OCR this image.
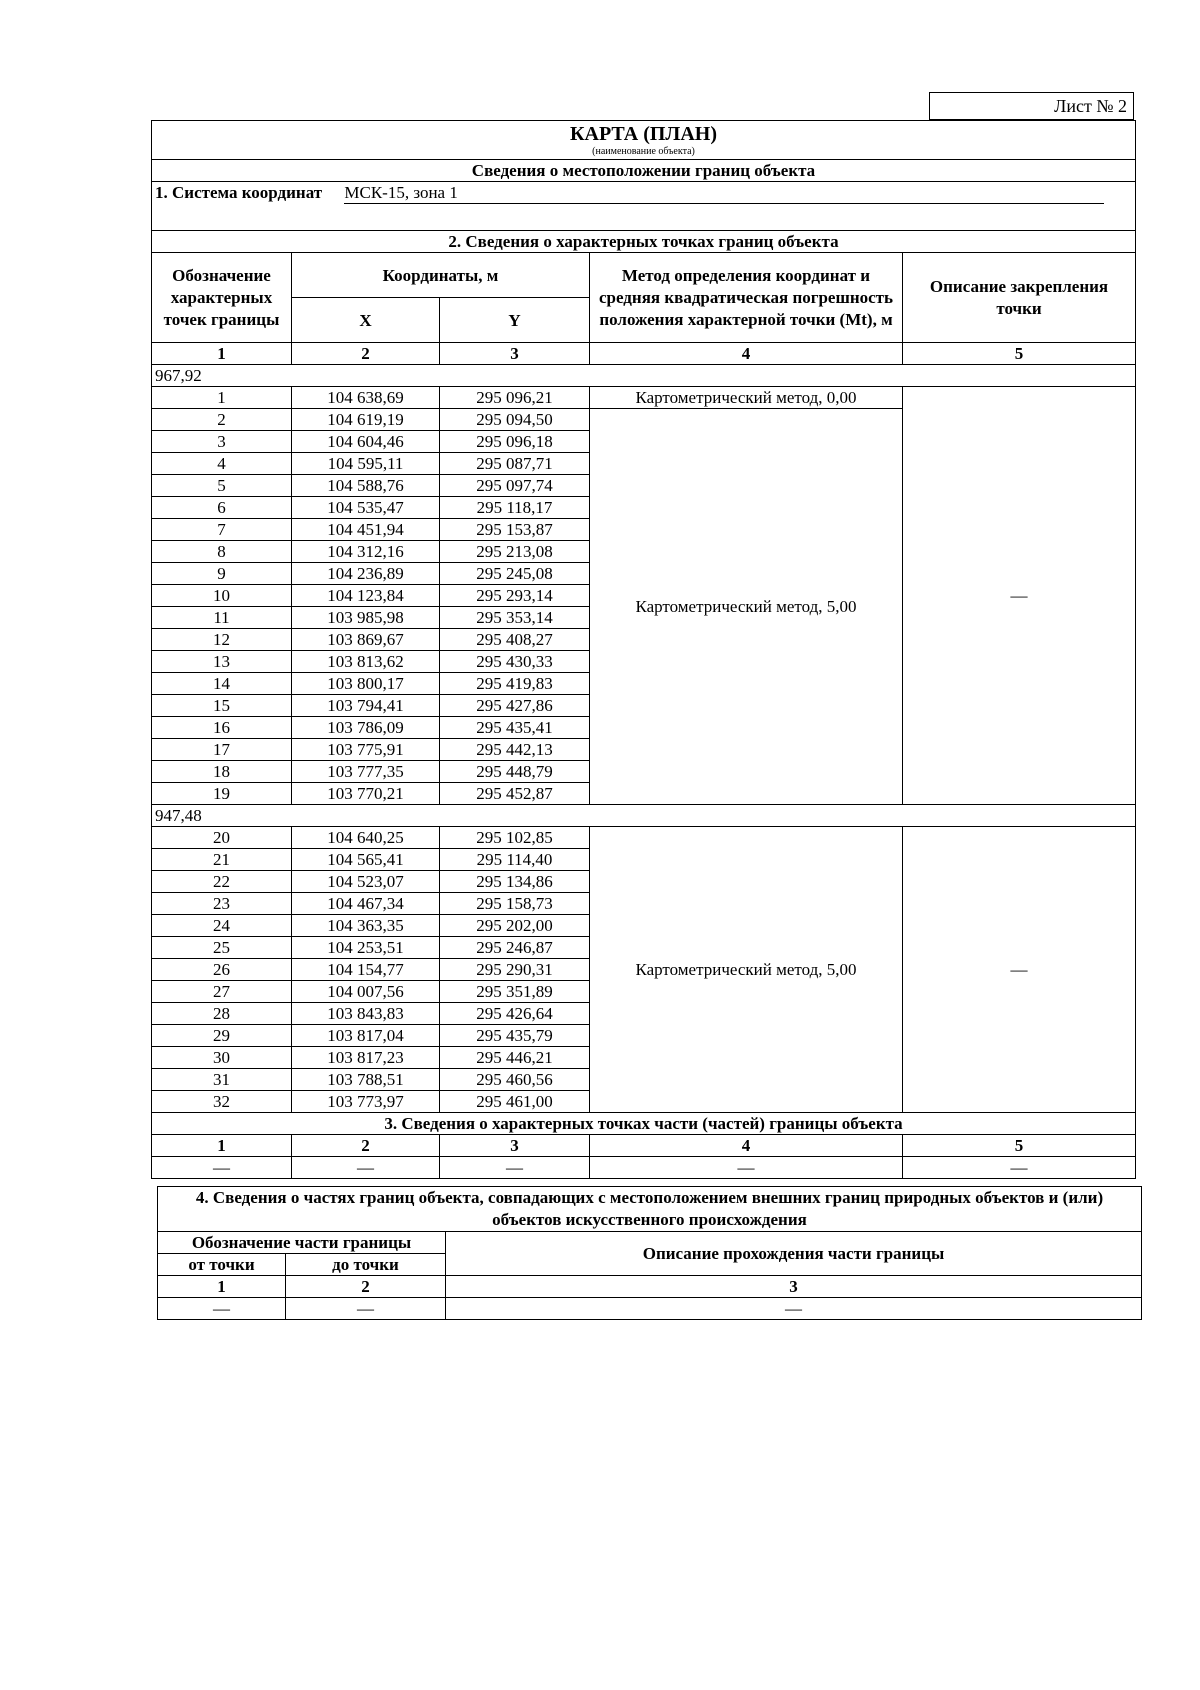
Лист № 2
КАРТА (ПЛАН)
(наименование объекта)				

Сведения о местоположении границ объекта				
1. Система координат МСК-15, зона 1				
2. Сведения о характерных точках границ объекта				
Обозначение характерных точек границы	Координаты, м		Метод определения координат и средняя квадратическая погрешность положения характерной точки (Mt), м	Описание закрепления точки
	X	Y		
1	2	3	4	5
967,92				
1	104 638,69	295 096,21	Картометрический метод, 0,00	—
2	104 619,19	295 094,50	Картометрический метод, 5,00	
3	104 604,46	295 096,18		
4	104 595,11	295 087,71		
5	104 588,76	295 097,74		
6	104 535,47	295 118,17		
7	104 451,94	295 153,87		
8	104 312,16	295 213,08		
9	104 236,89	295 245,08		
10	104 123,84	295 293,14		
11	103 985,98	295 353,14		
12	103 869,67	295 408,27		
13	103 813,62	295 430,33		
14	103 800,17	295 419,83		
15	103 794,41	295 427,86		
16	103 786,09	295 435,41		
17	103 775,91	295 442,13		
18	103 777,35	295 448,79		
19	103 770,21	295 452,87		
947,48				
20	104 640,25	295 102,85	Картометрический метод, 5,00	—
21	104 565,41	295 114,40		
22	104 523,07	295 134,86		
23	104 467,34	295 158,73		
24	104 363,35	295 202,00		
25	104 253,51	295 246,87		
26	104 154,77	295 290,31		
27	104 007,56	295 351,89		
28	103 843,83	295 426,64		
29	103 817,04	295 435,79		
30	103 817,23	295 446,21		
31	103 788,51	295 460,56		
32	103 773,97	295 461,00		
3. Сведения о характерных точках части (частей) границы объекта				
1	2	3	4	5
—	—	—	—	—
4. Сведения о частях границ объекта, совпадающих с местоположением внешних границ природных объектов и (или) объектов искусственного происхождения		
Обозначение части границы		Описание прохождения части границы
от точки	до точки	
1	2	3
—	—	—
